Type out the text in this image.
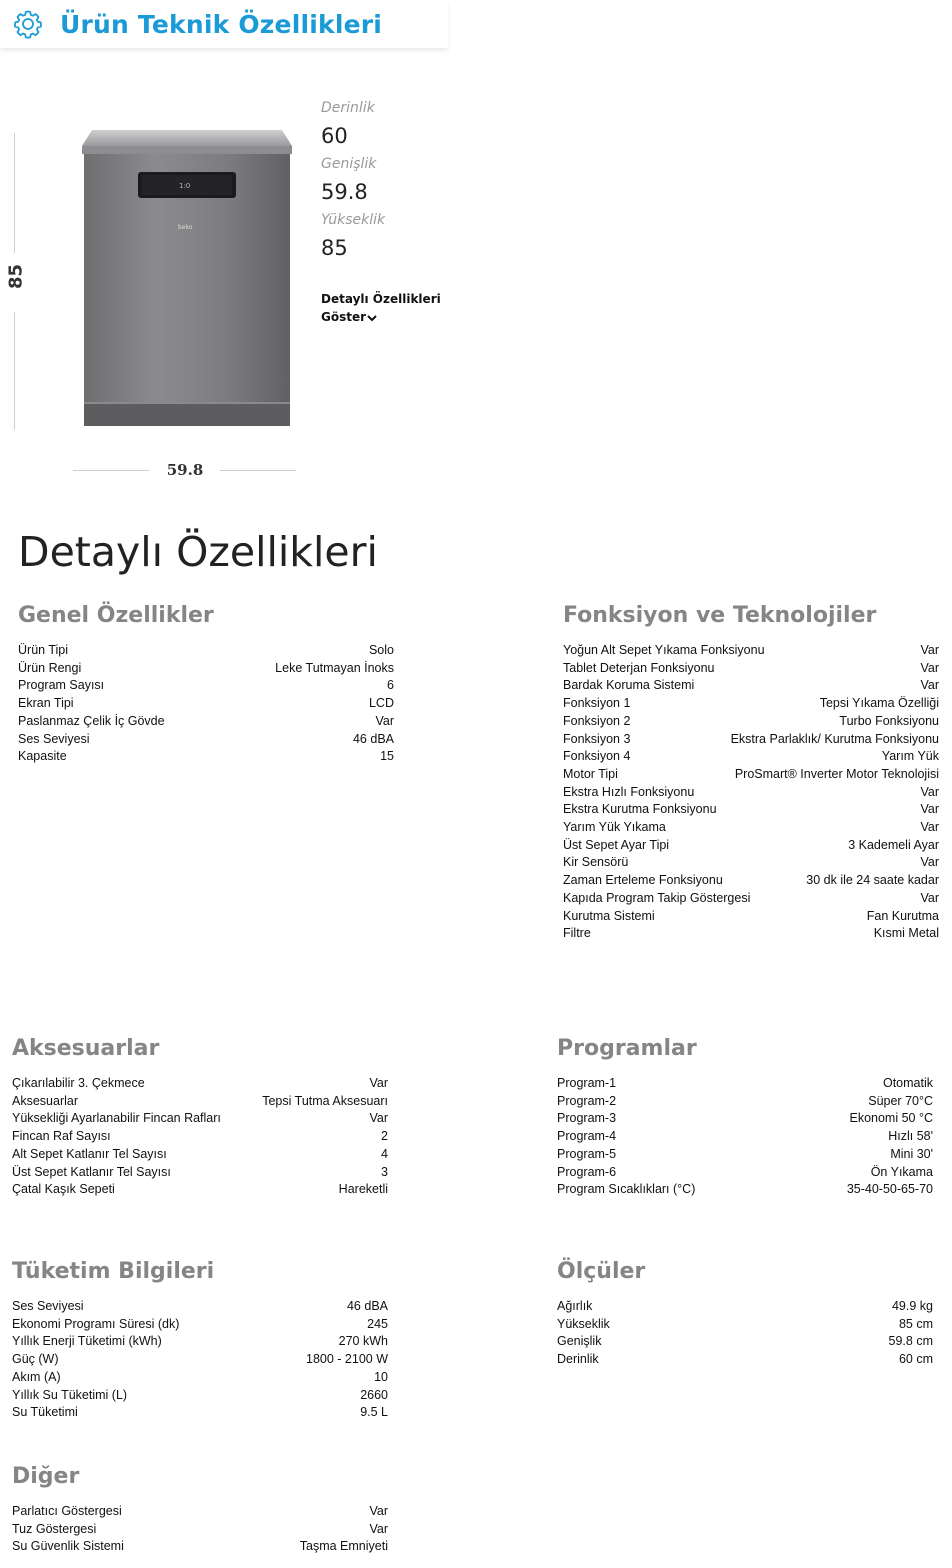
Ürün Teknik Özellikleri
85
59.8
1:0
beko
Derinlik
60
Genişlik
59.8
Yükseklik
85
Detaylı Özellikleri Göster
Detaylı Özellikleri
Genel Özellikler
Ürün Tipi	Solo
Ürün Rengi	Leke Tutmayan İnoks
Program Sayısı	6
Ekran Tipi	LCD
Paslanmaz Çelik İç Gövde	Var
Ses Seviyesi	46 dBA
Kapasite	15
Fonksiyon ve Teknolojiler
Yoğun Alt Sepet Yıkama Fonksiyonu	Var
Tablet Deterjan Fonksiyonu	Var
Bardak Koruma Sistemi	Var
Fonksiyon 1	Tepsi Yıkama Özelliği
Fonksiyon 2	Turbo Fonksiyonu
Fonksiyon 3	Ekstra Parlaklık/ Kurutma Fonksiyonu
Fonksiyon 4	Yarım Yük
Motor Tipi	ProSmart® Inverter Motor Teknolojisi
Ekstra Hızlı Fonksiyonu	Var
Ekstra Kurutma Fonksiyonu	Var
Yarım Yük Yıkama	Var
Üst Sepet Ayar Tipi	3 Kademeli Ayar
Kir Sensörü	Var
Zaman Erteleme Fonksiyonu	30 dk ile 24 saate kadar
Kapıda Program Takip Göstergesi	Var
Kurutma Sistemi	Fan Kurutma
Filtre	Kısmi Metal
Aksesuarlar
Çıkarılabilir 3. Çekmece	Var
Aksesuarlar	Tepsi Tutma Aksesuarı
Yüksekliği Ayarlanabilir Fincan Rafları	Var
Fincan Raf Sayısı	2
Alt Sepet Katlanır Tel Sayısı	4
Üst Sepet Katlanır Tel Sayısı	3
Çatal Kaşık Sepeti	Hareketli
Programlar
Program-1	Otomatik
Program-2	Süper 70°C
Program-3	Ekonomi 50 °C
Program-4	Hızlı 58'
Program-5	Mini 30'
Program-6	Ön Yıkama
Program Sıcaklıkları (°C)	35-40-50-65-70
Tüketim Bilgileri
Ses Seviyesi	46 dBA
Ekonomi Programı Süresi (dk)	245
Yıllık Enerji Tüketimi (kWh)	270 kWh
Güç (W)	1800 - 2100 W
Akım (A)	10
Yıllık Su Tüketimi (L)	2660
Su Tüketimi	9.5 L
Ölçüler
Ağırlık	49.9 kg
Yükseklik	85 cm
Genişlik	59.8 cm
Derinlik	60 cm
Diğer
Parlatıcı Göstergesi	Var
Tuz Göstergesi	Var
Su Güvenlik Sistemi	Taşma Emniyeti
